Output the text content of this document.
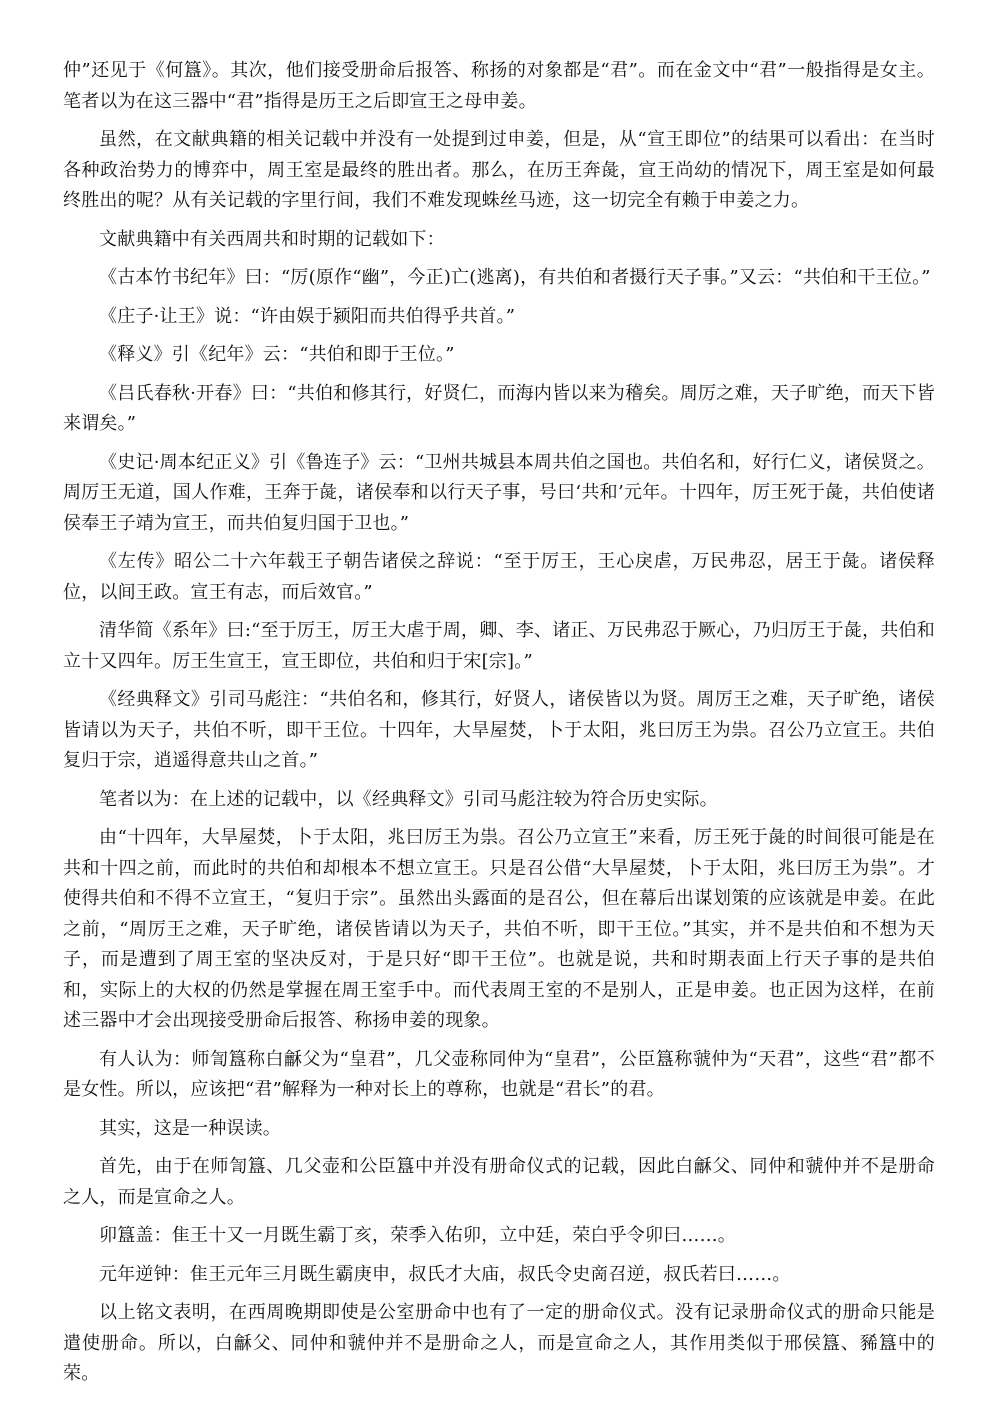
仲”还见于《何簋》。其次，他们接受册命后报答、称扬的对象都是“君”。而在金文中“君”一般指得是女主。笔者以为在这三器中“君”指得是历王之后即宣王之母申姜。

虽然，在文献典籍的相关记载中并没有一处提到过申姜，但是，从“宣王即位”的结果可以看出：在当时各种政治势力的博弈中，周王室是最终的胜出者。那么，在历王奔彘，宣王尚幼的情况下，周王室是如何最终胜出的呢？从有关记载的字里行间，我们不难发现蛛丝马迹，这一切完全有赖于申姜之力。

文献典籍中有关西周共和时期的记载如下：

《古本竹书纪年》曰：“厉(原作“幽”，今正)亡(逃离)，有共伯和者摄行天子事。”又云：“共伯和干王位。”

《庄子·让王》说：“许由娱于颍阳而共伯得乎共首。”

《释义》引《纪年》云：“共伯和即于王位。”

《吕氏春秋·开春》曰：“共伯和修其行，好贤仁，而海内皆以来为稽矣。周厉之难，天子旷绝，而天下皆来谓矣。”

《史记·周本纪正义》引《鲁连子》云：“卫州共城县本周共伯之国也。共伯名和，好行仁义，诸侯贤之。周厉王无道，国人作难，王奔于彘，诸侯奉和以行天子事，号曰‘共和’元年。十四年，厉王死于彘，共伯使诸侯奉王子靖为宣王，而共伯复归国于卫也。”

《左传》昭公二十六年载王子朝告诸侯之辞说：“至于厉王，王心戾虐，万民弗忍，居王于彘。诸侯释位，以间王政。宣王有志，而后效官。”

清华简《系年》曰:“至于厉王，厉王大虐于周，卿、李、诸正、万民弗忍于厥心，乃归厉王于彘，共伯和立十又四年。厉王生宣王，宣王即位，共伯和归于宋[宗]。”

《经典释文》引司马彪注：“共伯名和，修其行，好贤人，诸侯皆以为贤。周厉王之难，天子旷绝，诸侯皆请以为天子，共伯不听，即干王位。十四年，大旱屋焚，卜于太阳，兆曰厉王为祟。召公乃立宣王。共伯复归于宗，逍遥得意共山之首。”

笔者以为：在上述的记载中，以《经典释文》引司马彪注较为符合历史实际。

由“十四年，大旱屋焚，卜于太阳，兆曰厉王为祟。召公乃立宣王”来看，厉王死于彘的时间很可能是在共和十四之前，而此时的共伯和却根本不想立宣王。只是召公借“大旱屋焚，卜于太阳，兆曰厉王为祟”。才使得共伯和不得不立宣王，“复归于宗”。虽然出头露面的是召公，但在幕后出谋划策的应该就是申姜。在此之前，“周厉王之难，天子旷绝，诸侯皆请以为天子，共伯不听，即干王位。”其实，并不是共伯和不想为天子，而是遭到了周王室的坚决反对，于是只好“即干王位”。也就是说，共和时期表面上行天子事的是共伯和，实际上的大权的仍然是掌握在周王室手中。而代表周王室的不是别人，正是申姜。也正因为这样，在前述三器中才会出现接受册命后报答、称扬申姜的现象。

有人认为：师訇簋称白龢父为“皇君”，几父壶称同仲为“皇君”，公臣簋称虢仲为“天君”，这些“君”都不是女性。所以，应该把“君”解释为一种对长上的尊称，也就是“君长”的君。

其实，这是一种误读。

首先，由于在师訇簋、几父壶和公臣簋中并没有册命仪式的记载，因此白龢父、同仲和虢仲并不是册命之人，而是宣命之人。

卯簋盖：隹王十又一月既生霸丁亥，荣季入佑卯，立中廷，荣白乎令卯曰……。

元年逆钟：隹王元年三月既生霸庚申，叔氏才大庙，叔氏令史啇召逆，叔氏若曰……。

以上铭文表明，在西周晚期即使是公室册命中也有了一定的册命仪式。没有记录册命仪式的册命只能是遣使册命。所以，白龢父、同仲和虢仲并不是册命之人，而是宣命之人，其作用类似于邢侯簋、豨簋中的荣。
